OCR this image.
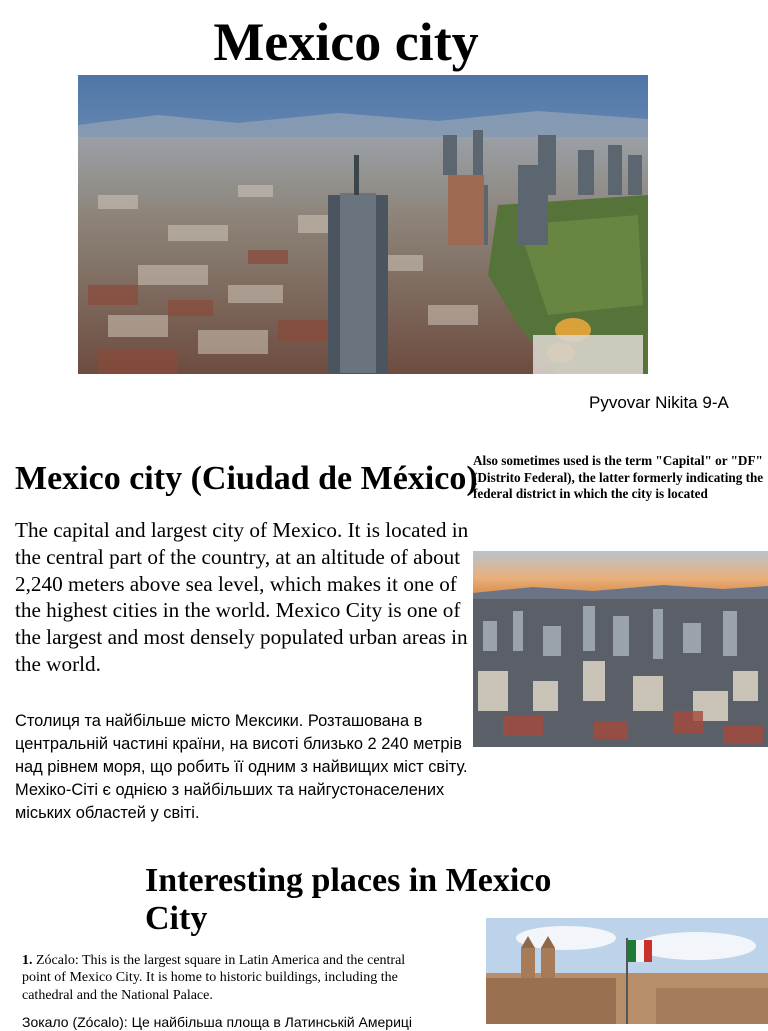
Mexico city
Pyvovar Nikita 9-A
Mexico city (Ciudad de México)
Also sometimes used is the term "Capital" or "DF" (Distrito Federal), the latter formerly indicating the federal district in which the city is located
The capital and largest city of Mexico. It is located in the central part of the country, at an altitude of about 2,240 meters above sea level, which makes it one of the highest cities in the world. Mexico City is one of the largest and most densely populated urban areas in the world.
Столиця та найбільше місто Мексики. Розташована в центральній частині країни, на висоті близько 2 240 метрів над рівнем моря, що робить її одним з найвищих міст світу. Мехіко-Сіті є однією з найбільших та найгустонаселених міських областей у світі.
Interesting places in Mexico City
1. Zócalo: This is the largest square in Latin America and the central point of Mexico City. It is home to historic buildings, including the cathedral and the National Palace.
Зокало (Zócalo): Це найбільша площа в Латинській Америці
